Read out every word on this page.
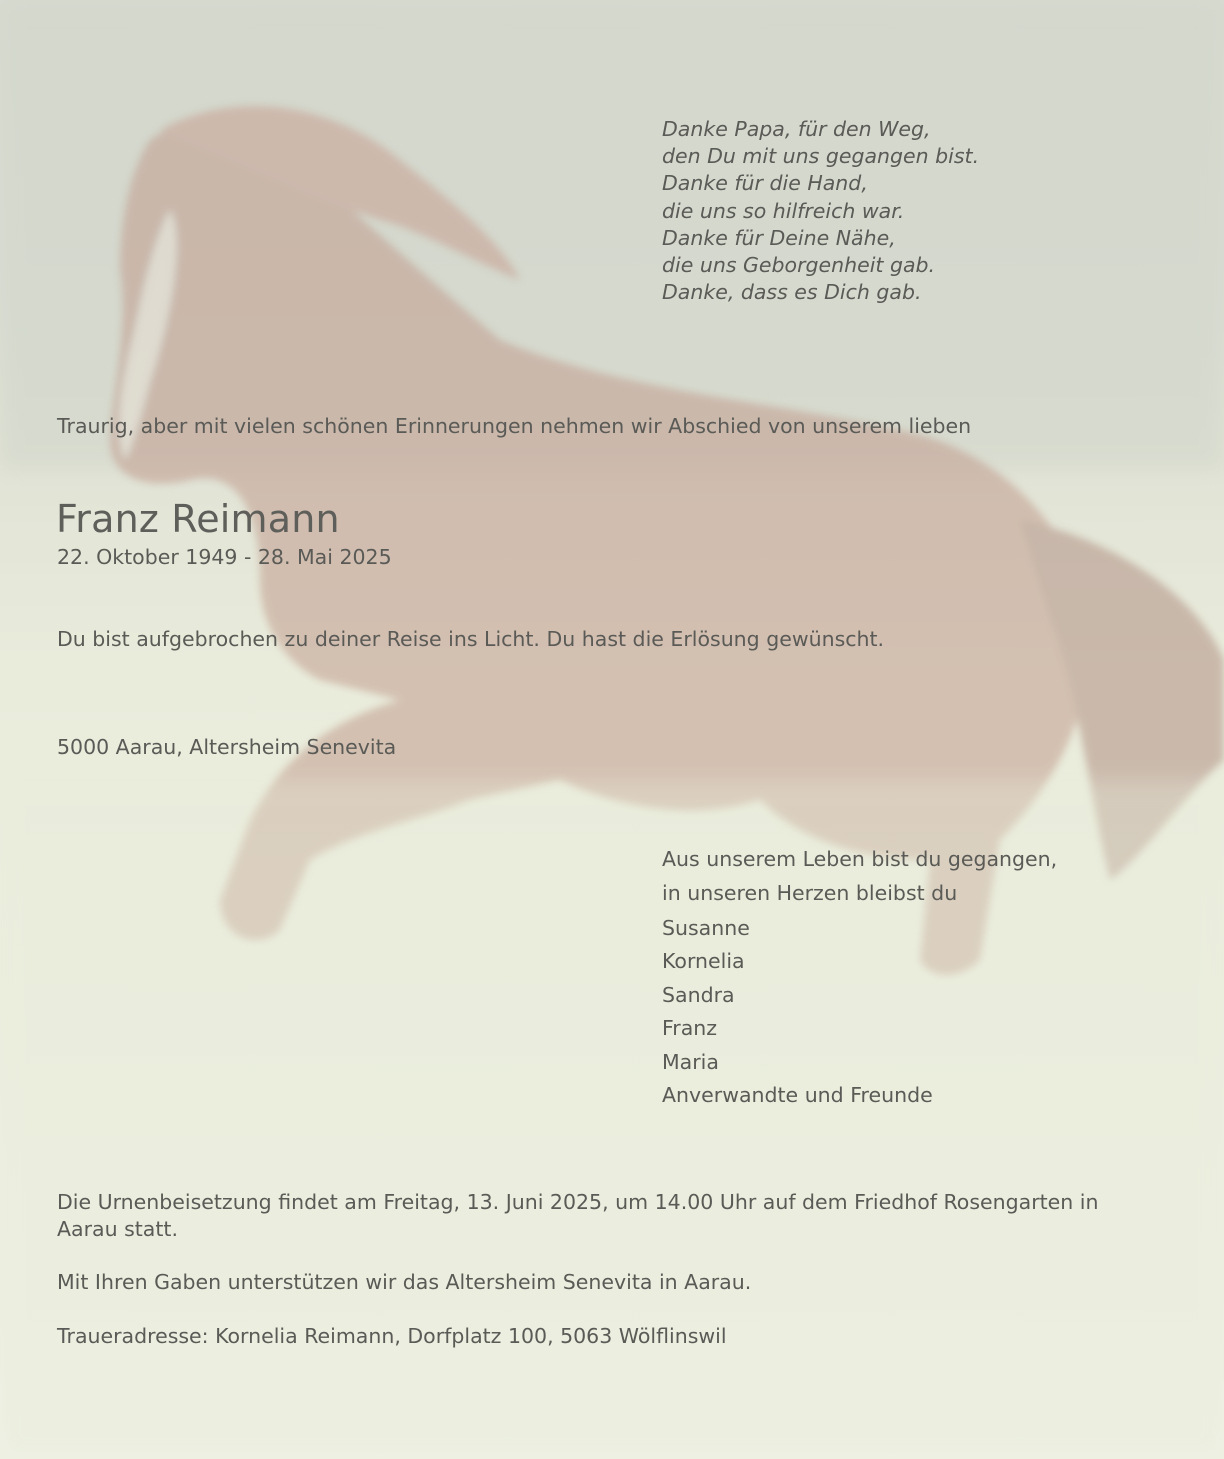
Danke Papa, für den Weg,
den Du mit uns gegangen bist.
Danke für die Hand,
die uns so hilfreich war.
Danke für Deine Nähe,
die uns Geborgenheit gab.
Danke, dass es Dich gab.

Traurig, aber mit vielen schönen Erinnerungen nehmen wir Abschied von unserem lieben

Franz Reimann

22. Oktober 1949 - 28. Mai 2025

Du bist aufgebrochen zu deiner Reise ins Licht. Du hast die Erlösung gewünscht.

5000 Aarau, Altersheim Senevita

Aus unserem Leben bist du gegangen,
in unseren Herzen bleibst du
Susanne
Kornelia
Sandra
Franz
Maria
Anverwandte und Freunde

Die Urnenbeisetzung findet am Freitag, 13. Juni 2025, um 14.00 Uhr auf dem Friedhof Rosengarten in Aarau statt.

Mit Ihren Gaben unterstützen wir das Altersheim Senevita in Aarau.

Traueradresse: Kornelia Reimann, Dorfplatz 100, 5063 Wölflinswil
